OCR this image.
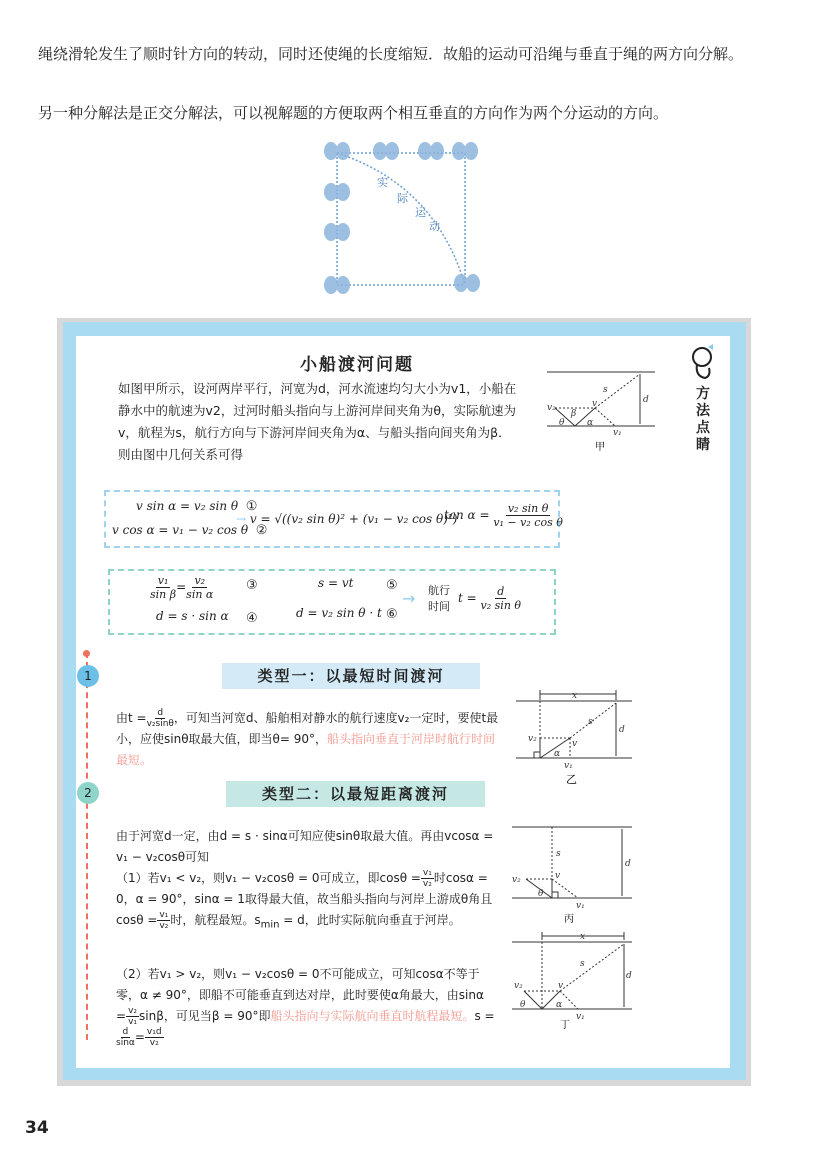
绳绕滑轮发生了顺时针方向的转动，同时还使绳的长度缩短．故船的运动可沿绳与垂直于绳的两方向分解。
另一种分解法是正交分解法，可以视解题的方便取两个相互垂直的方向作为两个分运动的方向。
实
际
运
动
小船渡河问题
如图甲所示，设河两岸平行，河宽为d，河水流速均匀大小为v1，小船在静水中的航速为v2，过河时船头指向与上游河岸间夹角为θ，实际航速为v，航程为s，航行方向与下游河岸间夹角为α、与船头指向间夹角为β．则由图中几何关系可得
方
法
点
睛
s
d
v
v₂
v₁
θ
β
α
甲
v sin α = v₂ sin θ ①
v cos α = v₁ − v₂ cos θ ②
→ v = √((v₂ sin θ)² + (v₁ − v₂ cos θ)²)
$\tan \alpha = \frac{\text{v₂ sin θ}}{\text{v₁ − v₂ cos θ}}$
$\frac{\text{v₁}}{\text{sin β}} = \frac{\text{v₂}}{\text{sin α}}$	③
d = s · sin α ④
s = vt	⑤
d = v₂ sin θ · t ⑥
→ 航行
时间
$t = \frac{d}{\text{v₂ sin θ}}$
1
2
类型一：以最短时间渡河
类型二：以最短距离渡河
由$t = \frac{d}{\text{v₂sinθ}}$ ，可知当河宽d、船舶相对静水的航行速度v₂一定时，要使t最小，应使sinθ取最大值，即当θ= 90°，船头指向垂直于河岸时航行时间最短。
x
s
d
v
v₂
v₁
α
乙
由于河宽d一定，由d = s · sinα可知应使sinθ取最大值。再由vcosα = v₁ − v₂cosθ可知
（1）若v₁ < v₂，则v₁ − v₂cosθ = 0可成立，即$\cos\theta = \frac{\text{v₁}}{\text{v₂}}$ 时cosα = 0，α = 90°，sinα = 1取得最大值，故当船头指向与河岸上游成θ角且$\cos\theta = \frac{\text{v₁}}{\text{v₂}}$ 时，航程最短。$s_{min} = d$，此时实际航向垂直于河岸。
（2）若v₁ > v₂，则v₁ − v₂cosθ = 0不可能成立，可知cosα不等于零，α ≠ 90°，即船不可能垂直到达对岸，此时要使α角最大，由$\sin\alpha = \frac{\text{v₂}}{\text{v₁}}$ sinβ，可见当β = 90°即船头指向与实际航向垂直时航程最短。s =
$\frac{d}{\sin\alpha} = \frac{\text{v₁d}}{\text{v₂}}$
s
d
v
v₂
v₁
θ
丙
x
s
d
v
v₂
v₁
θ	α
丁
34
